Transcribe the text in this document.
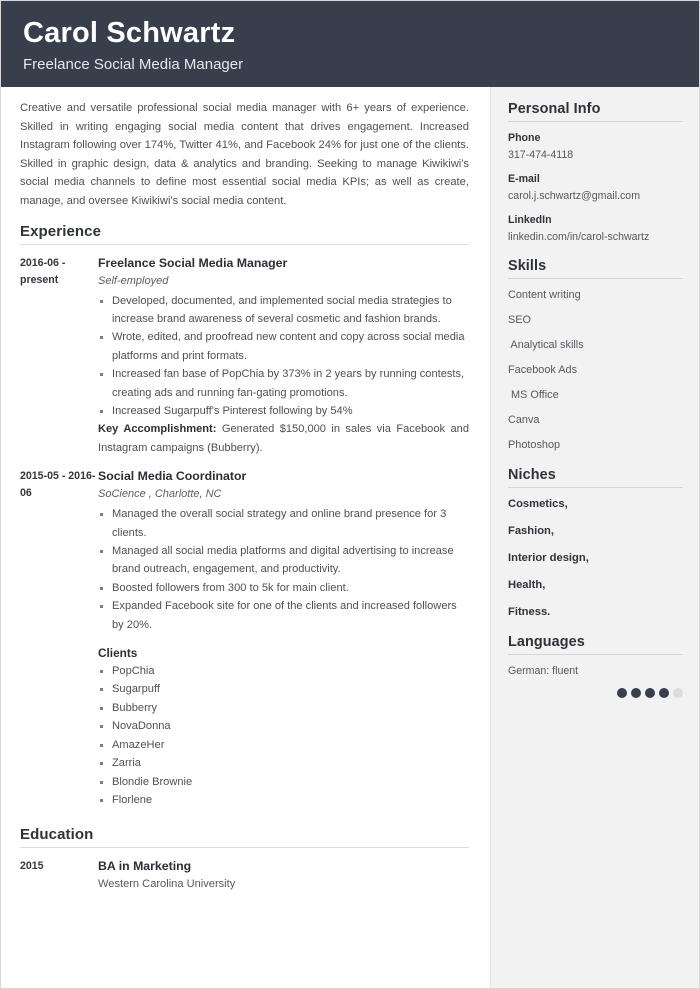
Carol Schwartz
Freelance Social Media Manager

Creative and versatile professional social media manager with 6+ years of experience. Skilled in writing engaging social media content that drives engagement. Increased Instagram following over 174%, Twitter 41%, and Facebook 24% for just one of the clients. Skilled in graphic design, data & analytics and branding. Seeking to manage Kiwikiwi's social media channels to define most essential social media KPIs; as well as create, manage, and oversee Kiwikiwi's social media content.

Experience
2016-06 - present
Freelance Social Media Manager
Self-employed
Developed, documented, and implemented social media strategies to increase brand awareness of several cosmetic and fashion brands.
Wrote, edited, and proofread new content and copy across social media platforms and print formats.
Increased fan base of PopChia by 373% in 2 years by running contests, creating ads and running fan-gating promotions.
Increased Sugarpuff's Pinterest following by 54%

Key Accomplishment: Generated $150,000 in sales via Facebook and Instagram campaigns (Bubberry).

2015-05 - 2016-06
Social Media Coordinator
SoCience , Charlotte, NC
Managed the overall social strategy and online brand presence for 3 clients.
Managed all social media platforms and digital advertising to increase brand outreach, engagement, and productivity.
Boosted followers from 300 to 5k for main client.
Expanded Facebook site for one of the clients and increased followers by 20%.
Clients
PopChia
Sugarpuff
Bubberry
NovaDonna
AmazeHer
Zarria
Blondie Brownie
Florlene
Education
2015	BA in Marketing
Western Carolina University
Personal Info
Phone
317-474-4118
E-mail
carol.j.schwartz@gmail.com
LinkedIn
linkedin.com/in/carol-schwartz
Skills
Content writing
SEO
Analytical skills
Facebook Ads
MS Office
Canva
Photoshop
Niches
Cosmetics,
Fashion,
Interior design,
Health,
Fitness.
Languages
German: fluent
